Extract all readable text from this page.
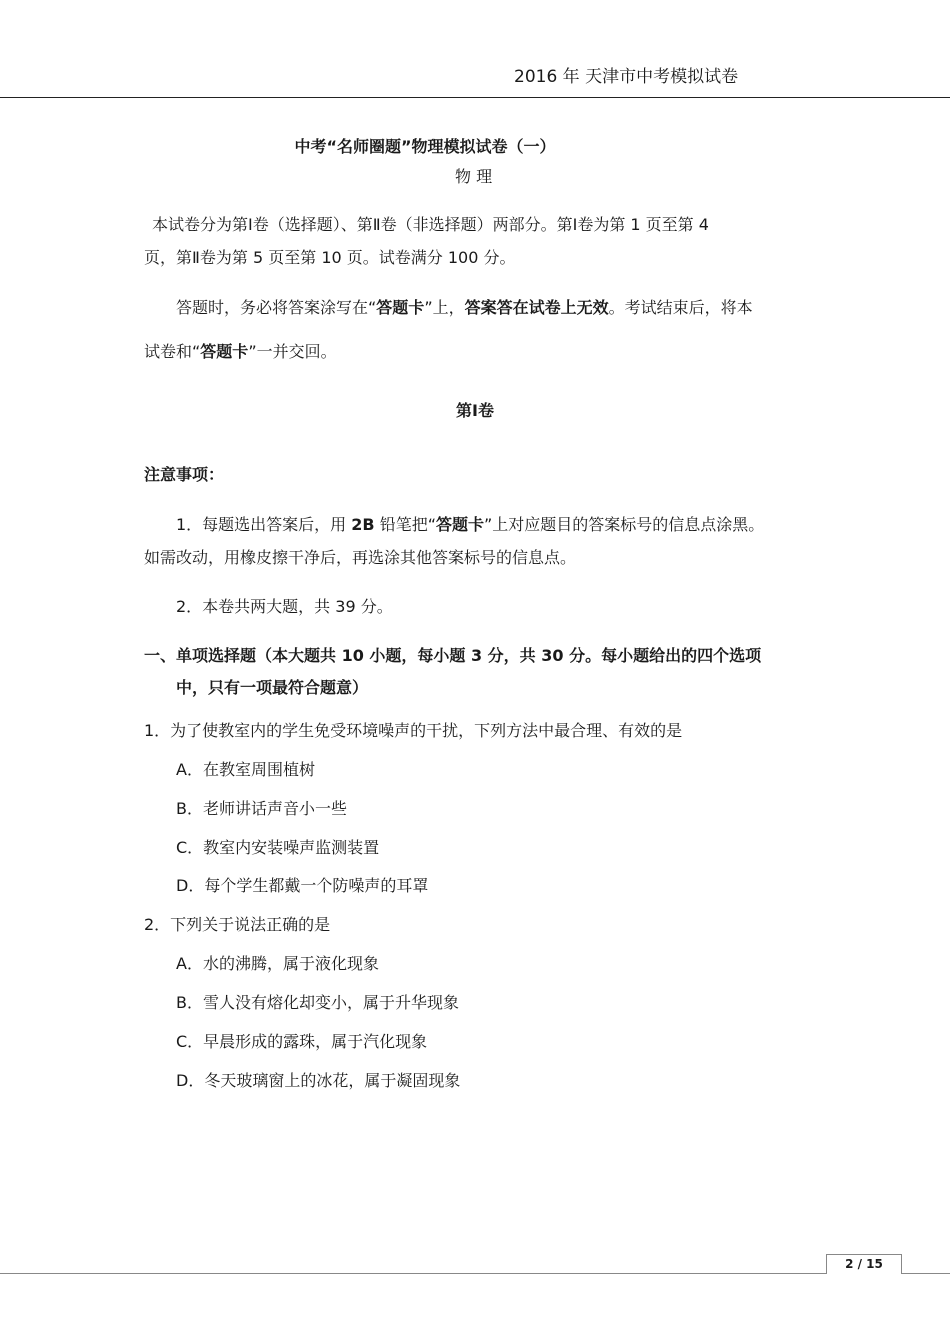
2016 年 天津市中考模拟试卷
中考“名师圈题”物理模拟试卷（一）
物 理
本试卷分为第Ⅰ卷（选择题）、第Ⅱ卷（非选择题）两部分。第Ⅰ卷为第 1 页至第 4
页，第Ⅱ卷为第 5 页至第 10 页。试卷满分 100 分。
答题时，务必将答案涂写在“答题卡”上，答案答在试卷上无效。考试结束后，将本
试卷和“答题卡”一并交回。
第Ⅰ卷
注意事项：
1．每题选出答案后，用 2B 铅笔把“答题卡”上对应题目的答案标号的信息点涂黑。
如需改动，用橡皮擦干净后，再选涂其他答案标号的信息点。
2．本卷共两大题，共 39 分。
一、单项选择题（本大题共 10 小题，每小题 3 分，共 30 分。每小题给出的四个选项
中，只有一项最符合题意）
1．为了使教室内的学生免受环境噪声的干扰，下列方法中最合理、有效的是
A．在教室周围植树
B．老师讲话声音小一些
C．教室内安装噪声监测装置
D．每个学生都戴一个防噪声的耳罩
2．下列关于说法正确的是
A．水的沸腾，属于液化现象
B．雪人没有熔化却变小，属于升华现象
C．早晨形成的露珠，属于汽化现象
D．冬天玻璃窗上的冰花，属于凝固现象
2 / 15
